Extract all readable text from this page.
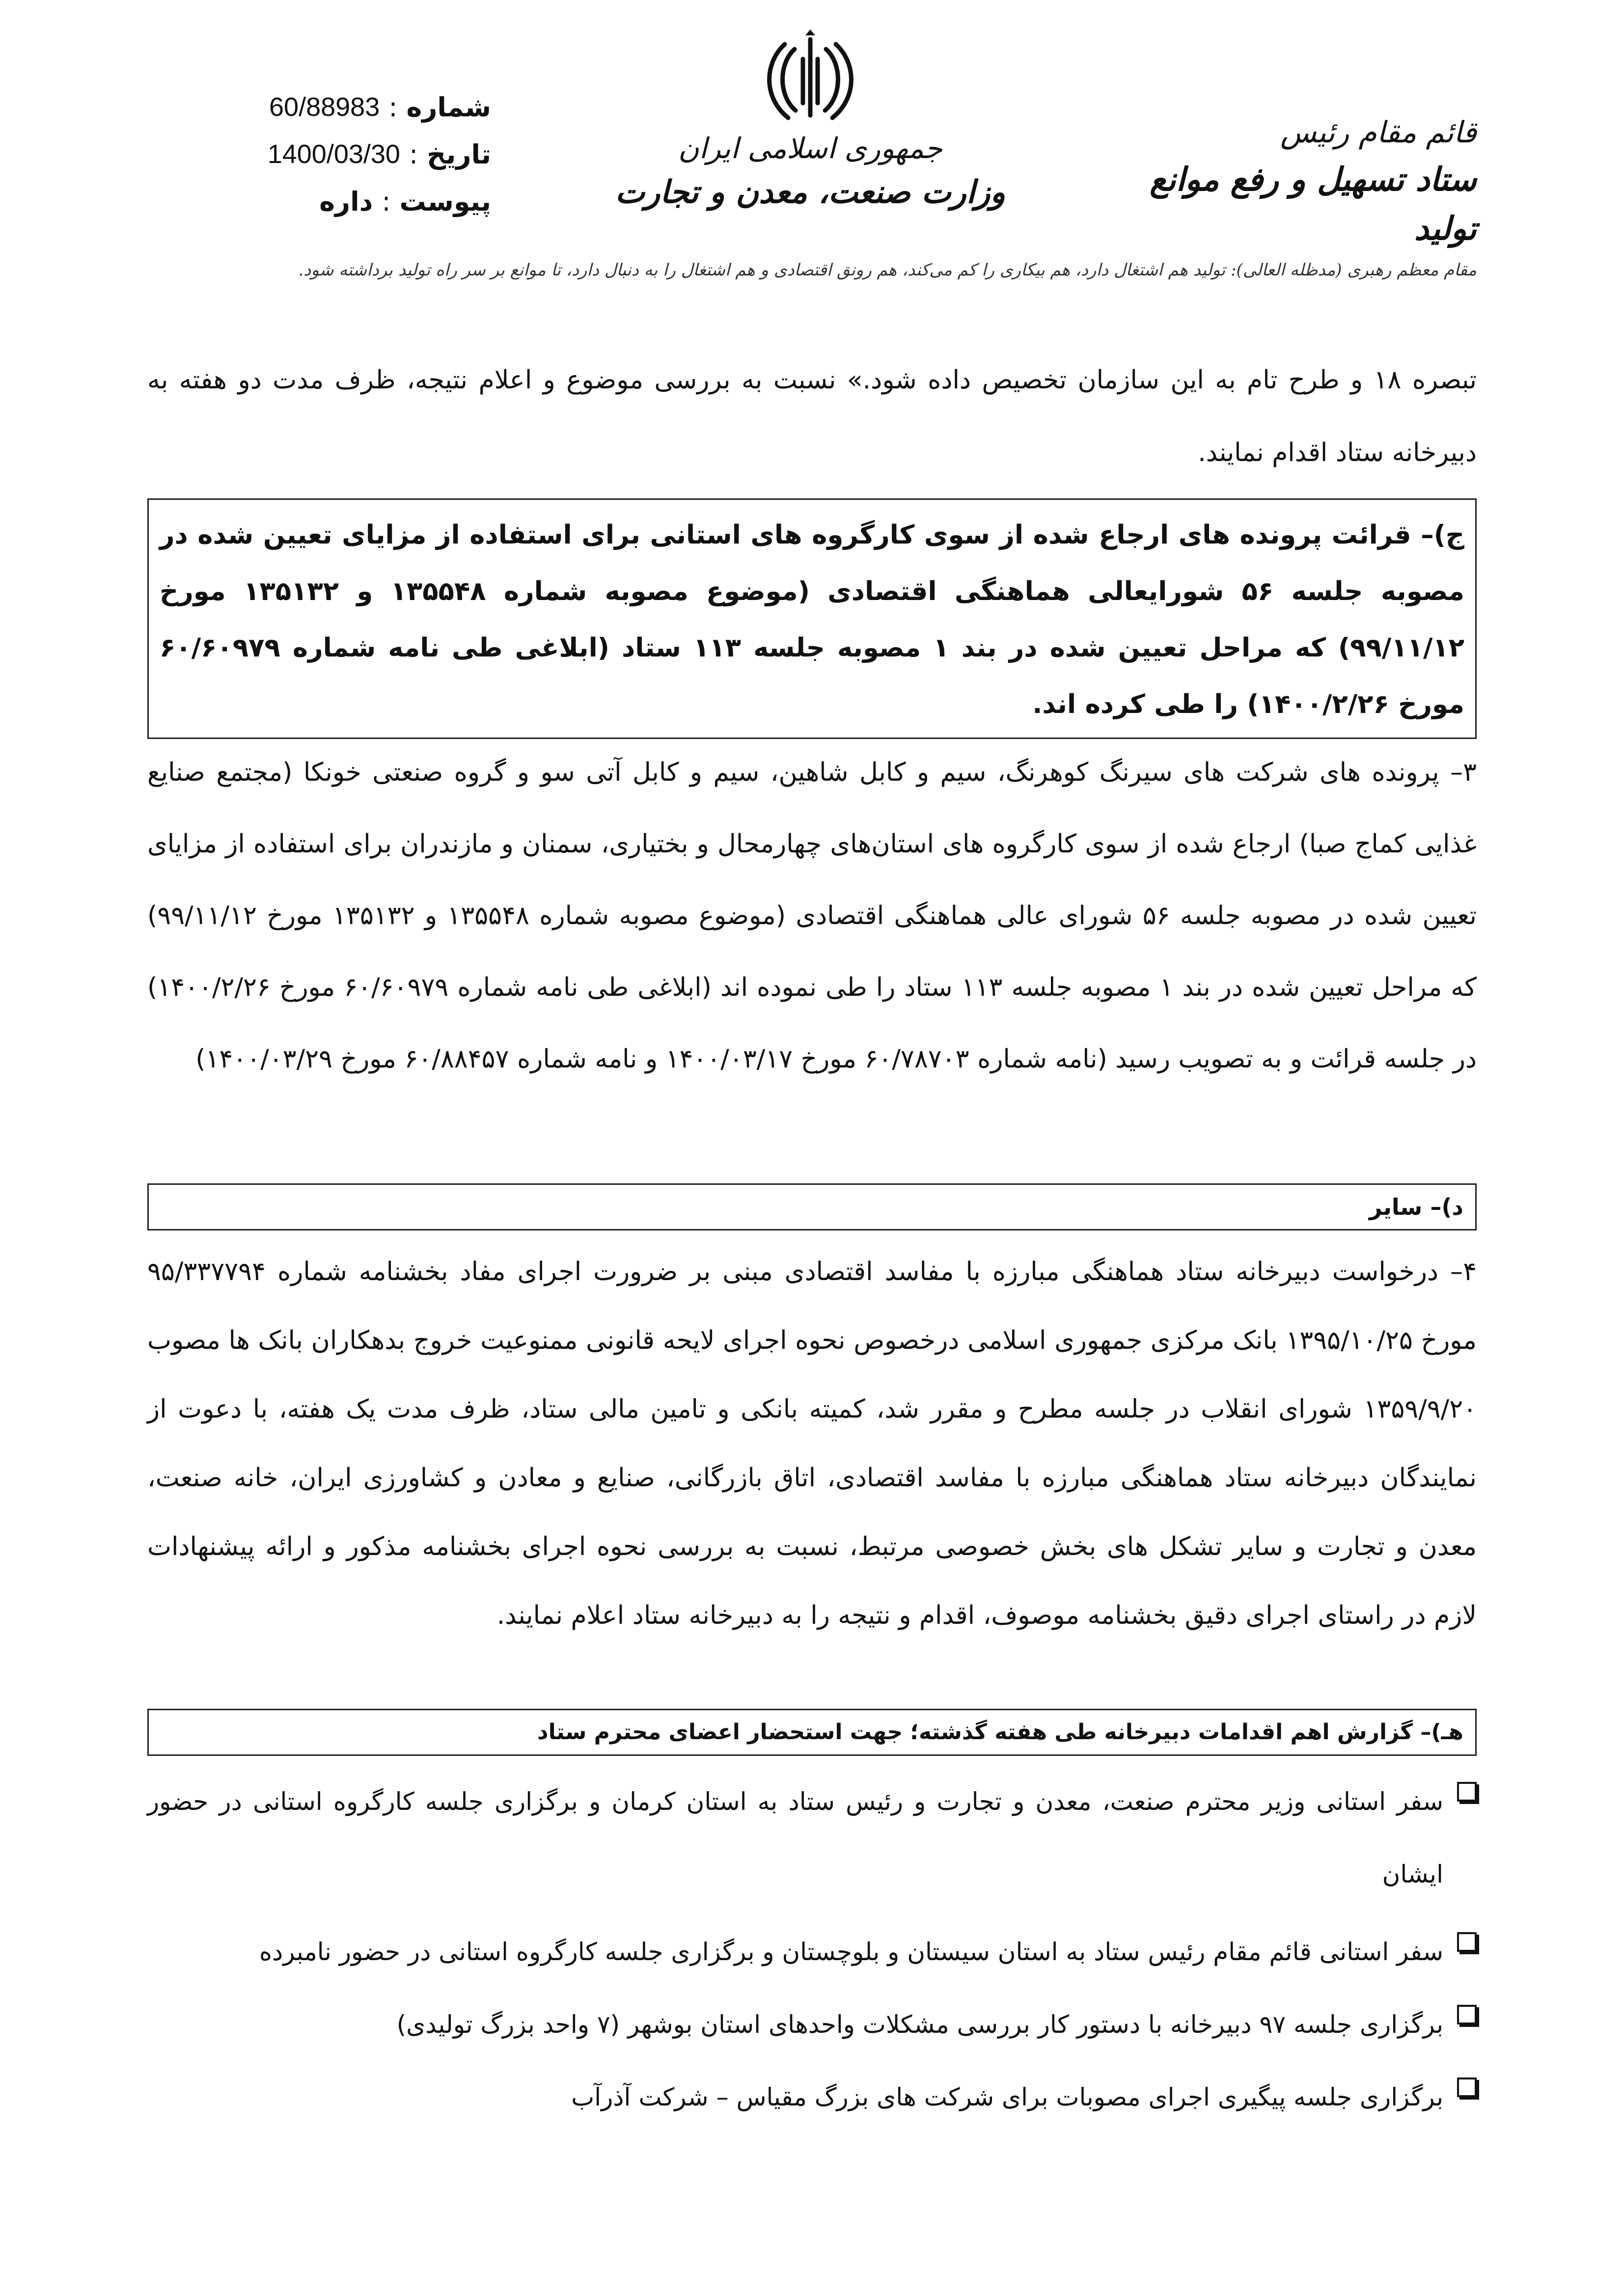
قائم مقام رئیس
ستاد تسهیل و رفع موانع تولید
جمهوری اسلامی ایران
وزارت صنعت، معدن و تجارت
شماره
:
60/88983
تاریخ
:
1400/03/30
پیوست
:
داره
مقام معظم رهبری (مدظله العالی): تولید هم اشتغال دارد، هم بیکاری را کم می‌کند، هم رونق اقتصادی و هم اشتغال را به دنبال دارد، تا موانع بر سر راه تولید برداشته شود.
تبصره ۱۸ و طرح تام به این سازمان تخصیص داده شود.» نسبت به بررسی موضوع و اعلام نتیجه، ظرف مدت دو هفته به دبیرخانه ستاد اقدام نمایند.
ج)– قرائت پرونده های ارجاع شده از سوی کارگروه های استانی برای استفاده از مزایای تعیین شده در مصوبه جلسه ۵۶ شورایعالی هماهنگی اقتصادی (موضوع مصوبه شماره ۱۳۵۵۴۸ و ۱۳۵۱۳۲ مورخ ۹۹/۱۱/۱۲) که مراحل تعیین شده در بند ۱ مصوبه جلسه ۱۱۳ ستاد (ابلاغی طی نامه شماره ۶۰/۶۰۹۷۹ مورخ ۱۴۰۰/۲/۲۶) را طی کرده اند.
۳– پرونده های شرکت های سیرنگ کوهرنگ، سیم و کابل شاهین، سیم و کابل آتی سو و گروه صنعتی خونکا (مجتمع صنایع غذایی کماج صبا) ارجاع شده از سوی کارگروه های استان‌های چهارمحال و بختیاری، سمنان و مازندران برای استفاده از مزایای تعیین شده در مصوبه جلسه ۵۶ شورای عالی هماهنگی اقتصادی (موضوع مصوبه شماره ۱۳۵۵۴۸ و ۱۳۵۱۳۲ مورخ ۹۹/۱۱/۱۲) که مراحل تعیین شده در بند ۱ مصوبه جلسه ۱۱۳ ستاد را طی نموده اند (ابلاغی طی نامه شماره ۶۰/۶۰۹۷۹ مورخ ۱۴۰۰/۲/۲۶) در جلسه قرائت و به تصویب رسید (نامه شماره ۶۰/۷۸۷۰۳ مورخ ۱۴۰۰/۰۳/۱۷ و نامه شماره ۶۰/۸۸۴۵۷ مورخ ۱۴۰۰/۰۳/۲۹)
د)– سایر
۴– درخواست دبیرخانه ستاد هماهنگی مبارزه با مفاسد اقتصادی مبنی بر ضرورت اجرای مفاد بخشنامه شماره ۹۵/۳۳۷۷۹۴ مورخ ۱۳۹۵/۱۰/۲۵ بانک مرکزی جمهوری اسلامی درخصوص نحوه اجرای لایحه قانونی ممنوعیت خروج بدهکاران بانک ها مصوب ۱۳۵۹/۹/۲۰ شورای انقلاب در جلسه مطرح و مقرر شد، کمیته بانکی و تامین مالی ستاد، ظرف مدت یک هفته، با دعوت از نمایندگان دبیرخانه ستاد هماهنگی مبارزه با مفاسد اقتصادی، اتاق بازرگانی، صنایع و معادن و کشاورزی ایران، خانه صنعت، معدن و تجارت و سایر تشکل های بخش خصوصی مرتبط، نسبت به بررسی نحوه اجرای بخشنامه مذکور و ارائه پیشنهادات لازم در راستای اجرای دقیق بخشنامه موصوف، اقدام و نتیجه را به دبیرخانه ستاد اعلام نمایند.
هـ)– گزارش اهم اقدامات دبیرخانه طی هفته گذشته؛ جهت استحضار اعضای محترم ستاد
سفر استانی وزیر محترم صنعت، معدن و تجارت و رئیس ستاد به استان کرمان و برگزاری جلسه کارگروه استانی در حضور ایشان
سفر استانی قائم مقام رئیس ستاد به استان سیستان و بلوچستان و برگزاری جلسه کارگروه استانی در حضور نامبرده
برگزاری جلسه ۹۷ دبیرخانه با دستور کار بررسی مشکلات واحدهای استان بوشهر (۷ واحد بزرگ تولیدی)
برگزاری جلسه پیگیری اجرای مصوبات برای شرکت های بزرگ مقیاس – شرکت آذرآب
